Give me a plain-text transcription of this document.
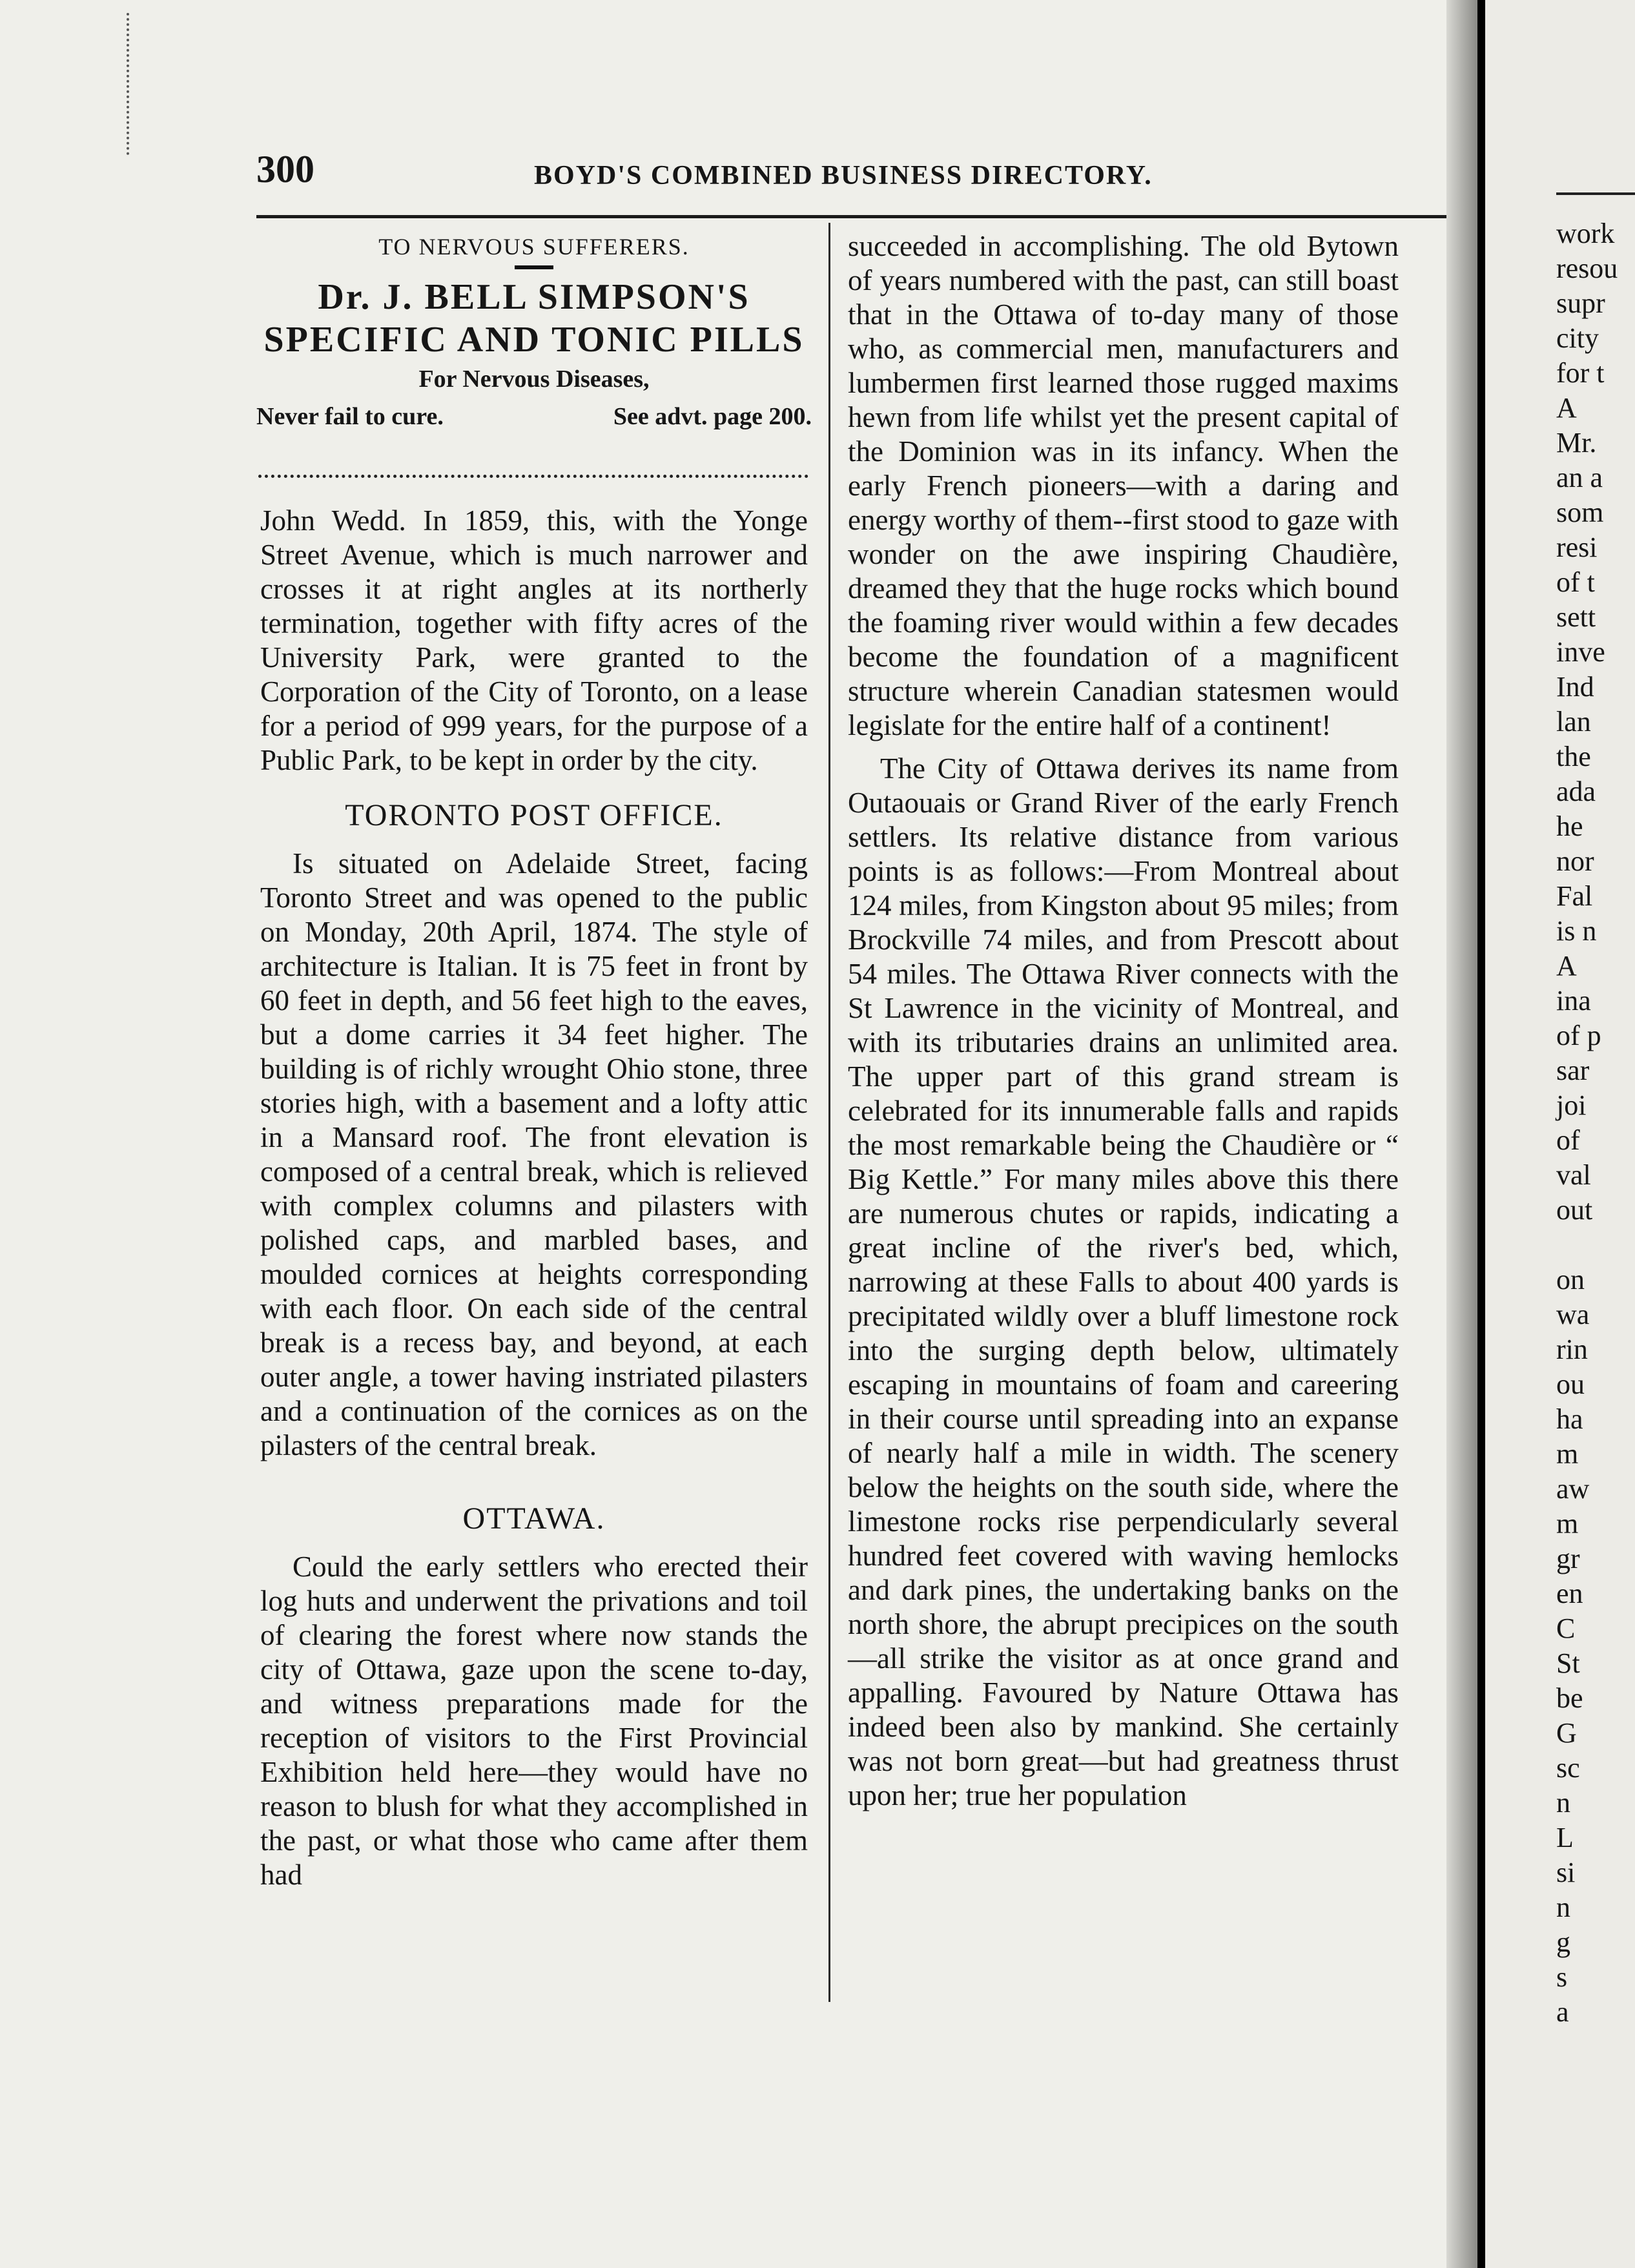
300	BOYD'S COMBINED BUSINESS DIRECTORY.
TO NERVOUS SUFFERERS.
Dr. J. BELL SIMPSON'S
SPECIFIC AND TONIC PILLS
For Nervous Diseases,
Never fail to cure.	See advt. page 200.

John Wedd. In 1859, this, with the Yonge Street Avenue, which is much narrower and crosses it at right angles at its northerly termination, together with fifty acres of the University Park, were granted to the Corporation of the City of Toronto, on a lease for a period of 999 years, for the purpose of a Public Park, to be kept in order by the city.

TORONTO POST OFFICE.

Is situated on Adelaide Street, facing Toronto Street and was opened to the public on Monday, 20th April, 1874. The style of architecture is Italian. It is 75 feet in front by 60 feet in depth, and 56 feet high to the eaves, but a dome carries it 34 feet higher. The building is of richly wrought Ohio stone, three stories high, with a basement and a lofty attic in a Mansard roof. The front elevation is composed of a central break, which is relieved with complex columns and pilasters with polished caps, and marbled bases, and moulded cornices at heights corresponding with each floor. On each side of the central break is a recess bay, and beyond, at each outer angle, a tower having instriated pilasters and a continuation of the cornices as on the pilasters of the central break.

OTTAWA.

Could the early settlers who erected their log huts and underwent the privations and toil of clearing the forest where now stands the city of Ottawa, gaze upon the scene to-day, and witness preparations made for the reception of visitors to the First Provincial Exhibition held here—they would have no reason to blush for what they accomplished in the past, or what those who came after them had

succeeded in accomplishing. The old Bytown of years numbered with the past, can still boast that in the Ottawa of to-day many of those who, as commercial men, manufacturers and lumbermen first learned those rugged maxims hewn from life whilst yet the present capital of the Dominion was in its infancy. When the early French pioneers—with a daring and energy worthy of them--first stood to gaze with wonder on the awe inspiring Chaudière, dreamed they that the huge rocks which bound the foaming river would within a few decades become the foundation of a magnificent structure wherein Canadian statesmen would legislate for the entire half of a continent!

The City of Ottawa derives its name from Outaouais or Grand River of the early French settlers. Its relative distance from various points is as follows:—From Montreal about 124 miles, from Kingston about 95 miles; from Brockville 74 miles, and from Prescott about 54 miles. The Ottawa River connects with the St Lawrence in the vicinity of Montreal, and with its tributaries drains an unlimited area. The upper part of this grand stream is celebrated for its innumerable falls and rapids the most remarkable being the Chaudière or “ Big Kettle.” For many miles above this there are numerous chutes or rapids, indicating a great incline of the river's bed, which, narrowing at these Falls to about 400 yards is precipitated wildly over a bluff limestone rock into the surging depth below, ultimately escaping in mountains of foam and careering in their course until spreading into an expanse of nearly half a mile in width. The scenery below the heights on the south side, where the limestone rocks rise perpendicularly several hundred feet covered with waving hemlocks and dark pines, the undertaking banks on the north shore, the abrupt precipices on the south—all strike the visitor as at once grand and appalling. Favoured by Nature Ottawa has indeed been also by mankind. She certainly was not born great—but had greatness thrust upon her; true her population

work
resou
supr
city
for t
A
Mr.
an a
som
resi
of t
sett
inve
Ind
lan
the
ada
he
nor
Fal
is n
A
ina
of p
sar
joi
of
val
out
on
wa
rin
ou
ha
m
aw
m
gr
en
C
St
be
G
sc
n
L
si
n
g
s
a
